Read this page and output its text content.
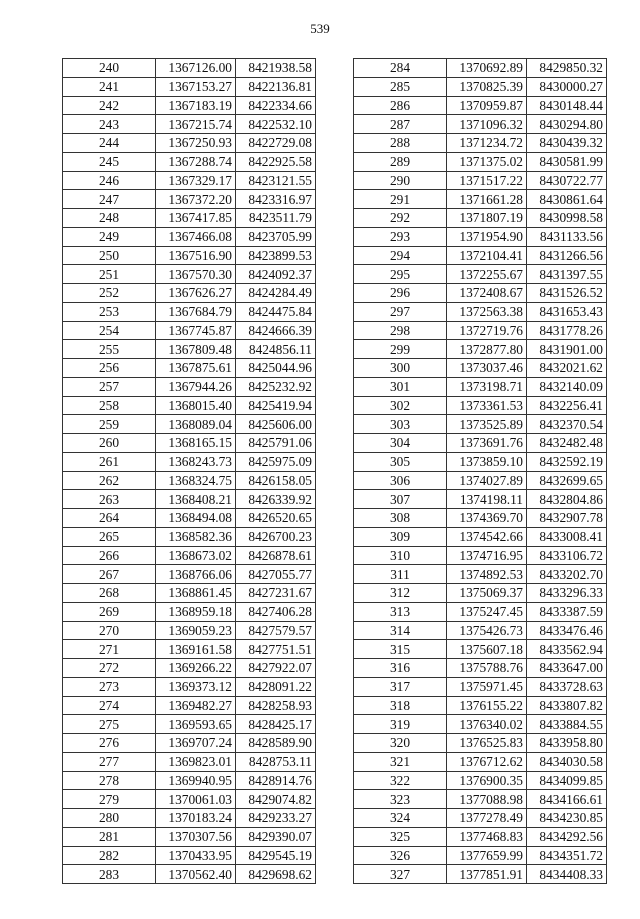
539
240	1367126.00	8421938.58
241	1367153.27	8422136.81
242	1367183.19	8422334.66
243	1367215.74	8422532.10
244	1367250.93	8422729.08
245	1367288.74	8422925.58
246	1367329.17	8423121.55
247	1367372.20	8423316.97
248	1367417.85	8423511.79
249	1367466.08	8423705.99
250	1367516.90	8423899.53
251	1367570.30	8424092.37
252	1367626.27	8424284.49
253	1367684.79	8424475.84
254	1367745.87	8424666.39
255	1367809.48	8424856.11
256	1367875.61	8425044.96
257	1367944.26	8425232.92
258	1368015.40	8425419.94
259	1368089.04	8425606.00
260	1368165.15	8425791.06
261	1368243.73	8425975.09
262	1368324.75	8426158.05
263	1368408.21	8426339.92
264	1368494.08	8426520.65
265	1368582.36	8426700.23
266	1368673.02	8426878.61
267	1368766.06	8427055.77
268	1368861.45	8427231.67
269	1368959.18	8427406.28
270	1369059.23	8427579.57
271	1369161.58	8427751.51
272	1369266.22	8427922.07
273	1369373.12	8428091.22
274	1369482.27	8428258.93
275	1369593.65	8428425.17
276	1369707.24	8428589.90
277	1369823.01	8428753.11
278	1369940.95	8428914.76
279	1370061.03	8429074.82
280	1370183.24	8429233.27
281	1370307.56	8429390.07
282	1370433.95	8429545.19
283	1370562.40	8429698.62
284	1370692.89	8429850.32
285	1370825.39	8430000.27
286	1370959.87	8430148.44
287	1371096.32	8430294.80
288	1371234.72	8430439.32
289	1371375.02	8430581.99
290	1371517.22	8430722.77
291	1371661.28	8430861.64
292	1371807.19	8430998.58
293	1371954.90	8431133.56
294	1372104.41	8431266.56
295	1372255.67	8431397.55
296	1372408.67	8431526.52
297	1372563.38	8431653.43
298	1372719.76	8431778.26
299	1372877.80	8431901.00
300	1373037.46	8432021.62
301	1373198.71	8432140.09
302	1373361.53	8432256.41
303	1373525.89	8432370.54
304	1373691.76	8432482.48
305	1373859.10	8432592.19
306	1374027.89	8432699.65
307	1374198.11	8432804.86
308	1374369.70	8432907.78
309	1374542.66	8433008.41
310	1374716.95	8433106.72
311	1374892.53	8433202.70
312	1375069.37	8433296.33
313	1375247.45	8433387.59
314	1375426.73	8433476.46
315	1375607.18	8433562.94
316	1375788.76	8433647.00
317	1375971.45	8433728.63
318	1376155.22	8433807.82
319	1376340.02	8433884.55
320	1376525.83	8433958.80
321	1376712.62	8434030.58
322	1376900.35	8434099.85
323	1377088.98	8434166.61
324	1377278.49	8434230.85
325	1377468.83	8434292.56
326	1377659.99	8434351.72
327	1377851.91	8434408.33
